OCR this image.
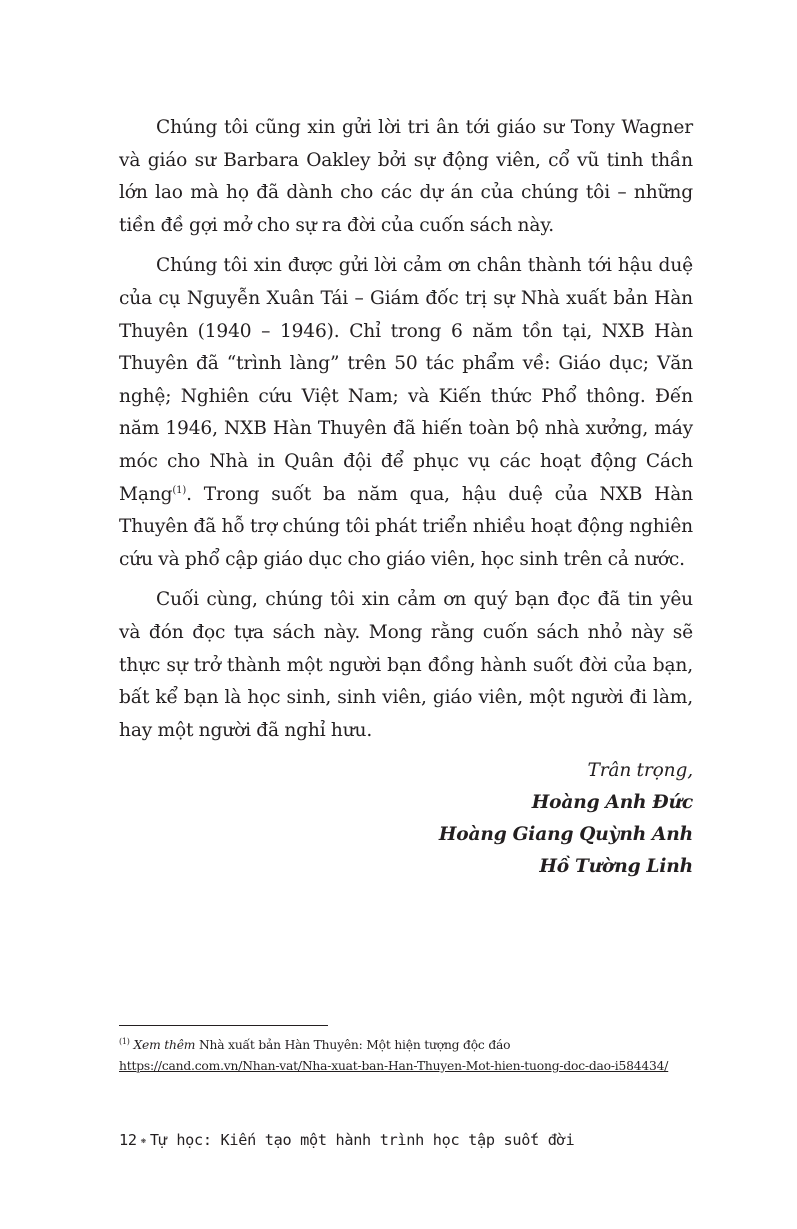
Chúng tôi cũng xin gửi lời tri ân tới giáo sư Tony Wagner và giáo sư Barbara Oakley bởi sự động viên, cổ vũ tinh thần lớn lao mà họ đã dành cho các dự án của chúng tôi – những tiền đề gợi mở cho sự ra đời của cuốn sách này.

Chúng tôi xin được gửi lời cảm ơn chân thành tới hậu duệ của cụ Nguyễn Xuân Tái – Giám đốc trị sự Nhà xuất bản Hàn Thuyên (1940 – 1946). Chỉ trong 6 năm tồn tại, NXB Hàn Thuyên đã “trình làng” trên 50 tác phẩm về: Giáo dục; Văn nghệ; Nghiên cứu Việt Nam; và Kiến thức Phổ thông. Đến năm 1946, NXB Hàn Thuyên đã hiến toàn bộ nhà xưởng, máy móc cho Nhà in Quân đội để phục vụ các hoạt động Cách Mạng$^{(1)}$. Trong suốt ba năm qua, hậu duệ của NXB Hàn Thuyên đã hỗ trợ chúng tôi phát triển nhiều hoạt động nghiên cứu và phổ cập giáo dục cho giáo viên, học sinh trên cả nước.

Cuối cùng, chúng tôi xin cảm ơn quý bạn đọc đã tin yêu và đón đọc tựa sách này. Mong rằng cuốn sách nhỏ này sẽ thực sự trở thành một người bạn đồng hành suốt đời của bạn, bất kể bạn là học sinh, sinh viên, giáo viên, một người đi làm, hay một người đã nghỉ hưu.

Trân trọng,
Hoàng Anh Đức
Hoàng Giang Quỳnh Anh
Hồ Tường Linh
$^{(1)}$ Xem thêm Nhà xuất bản Hàn Thuyên: Một hiện tượng độc đáo
https://cand.com.vn/Nhan-vat/Nha-xuat-ban-Han-Thuyen-Mot-hien-tuong-doc-dao-i584434/
12 ❋ Tự học: Kiến tạo một hành trình học tập suốt đời
